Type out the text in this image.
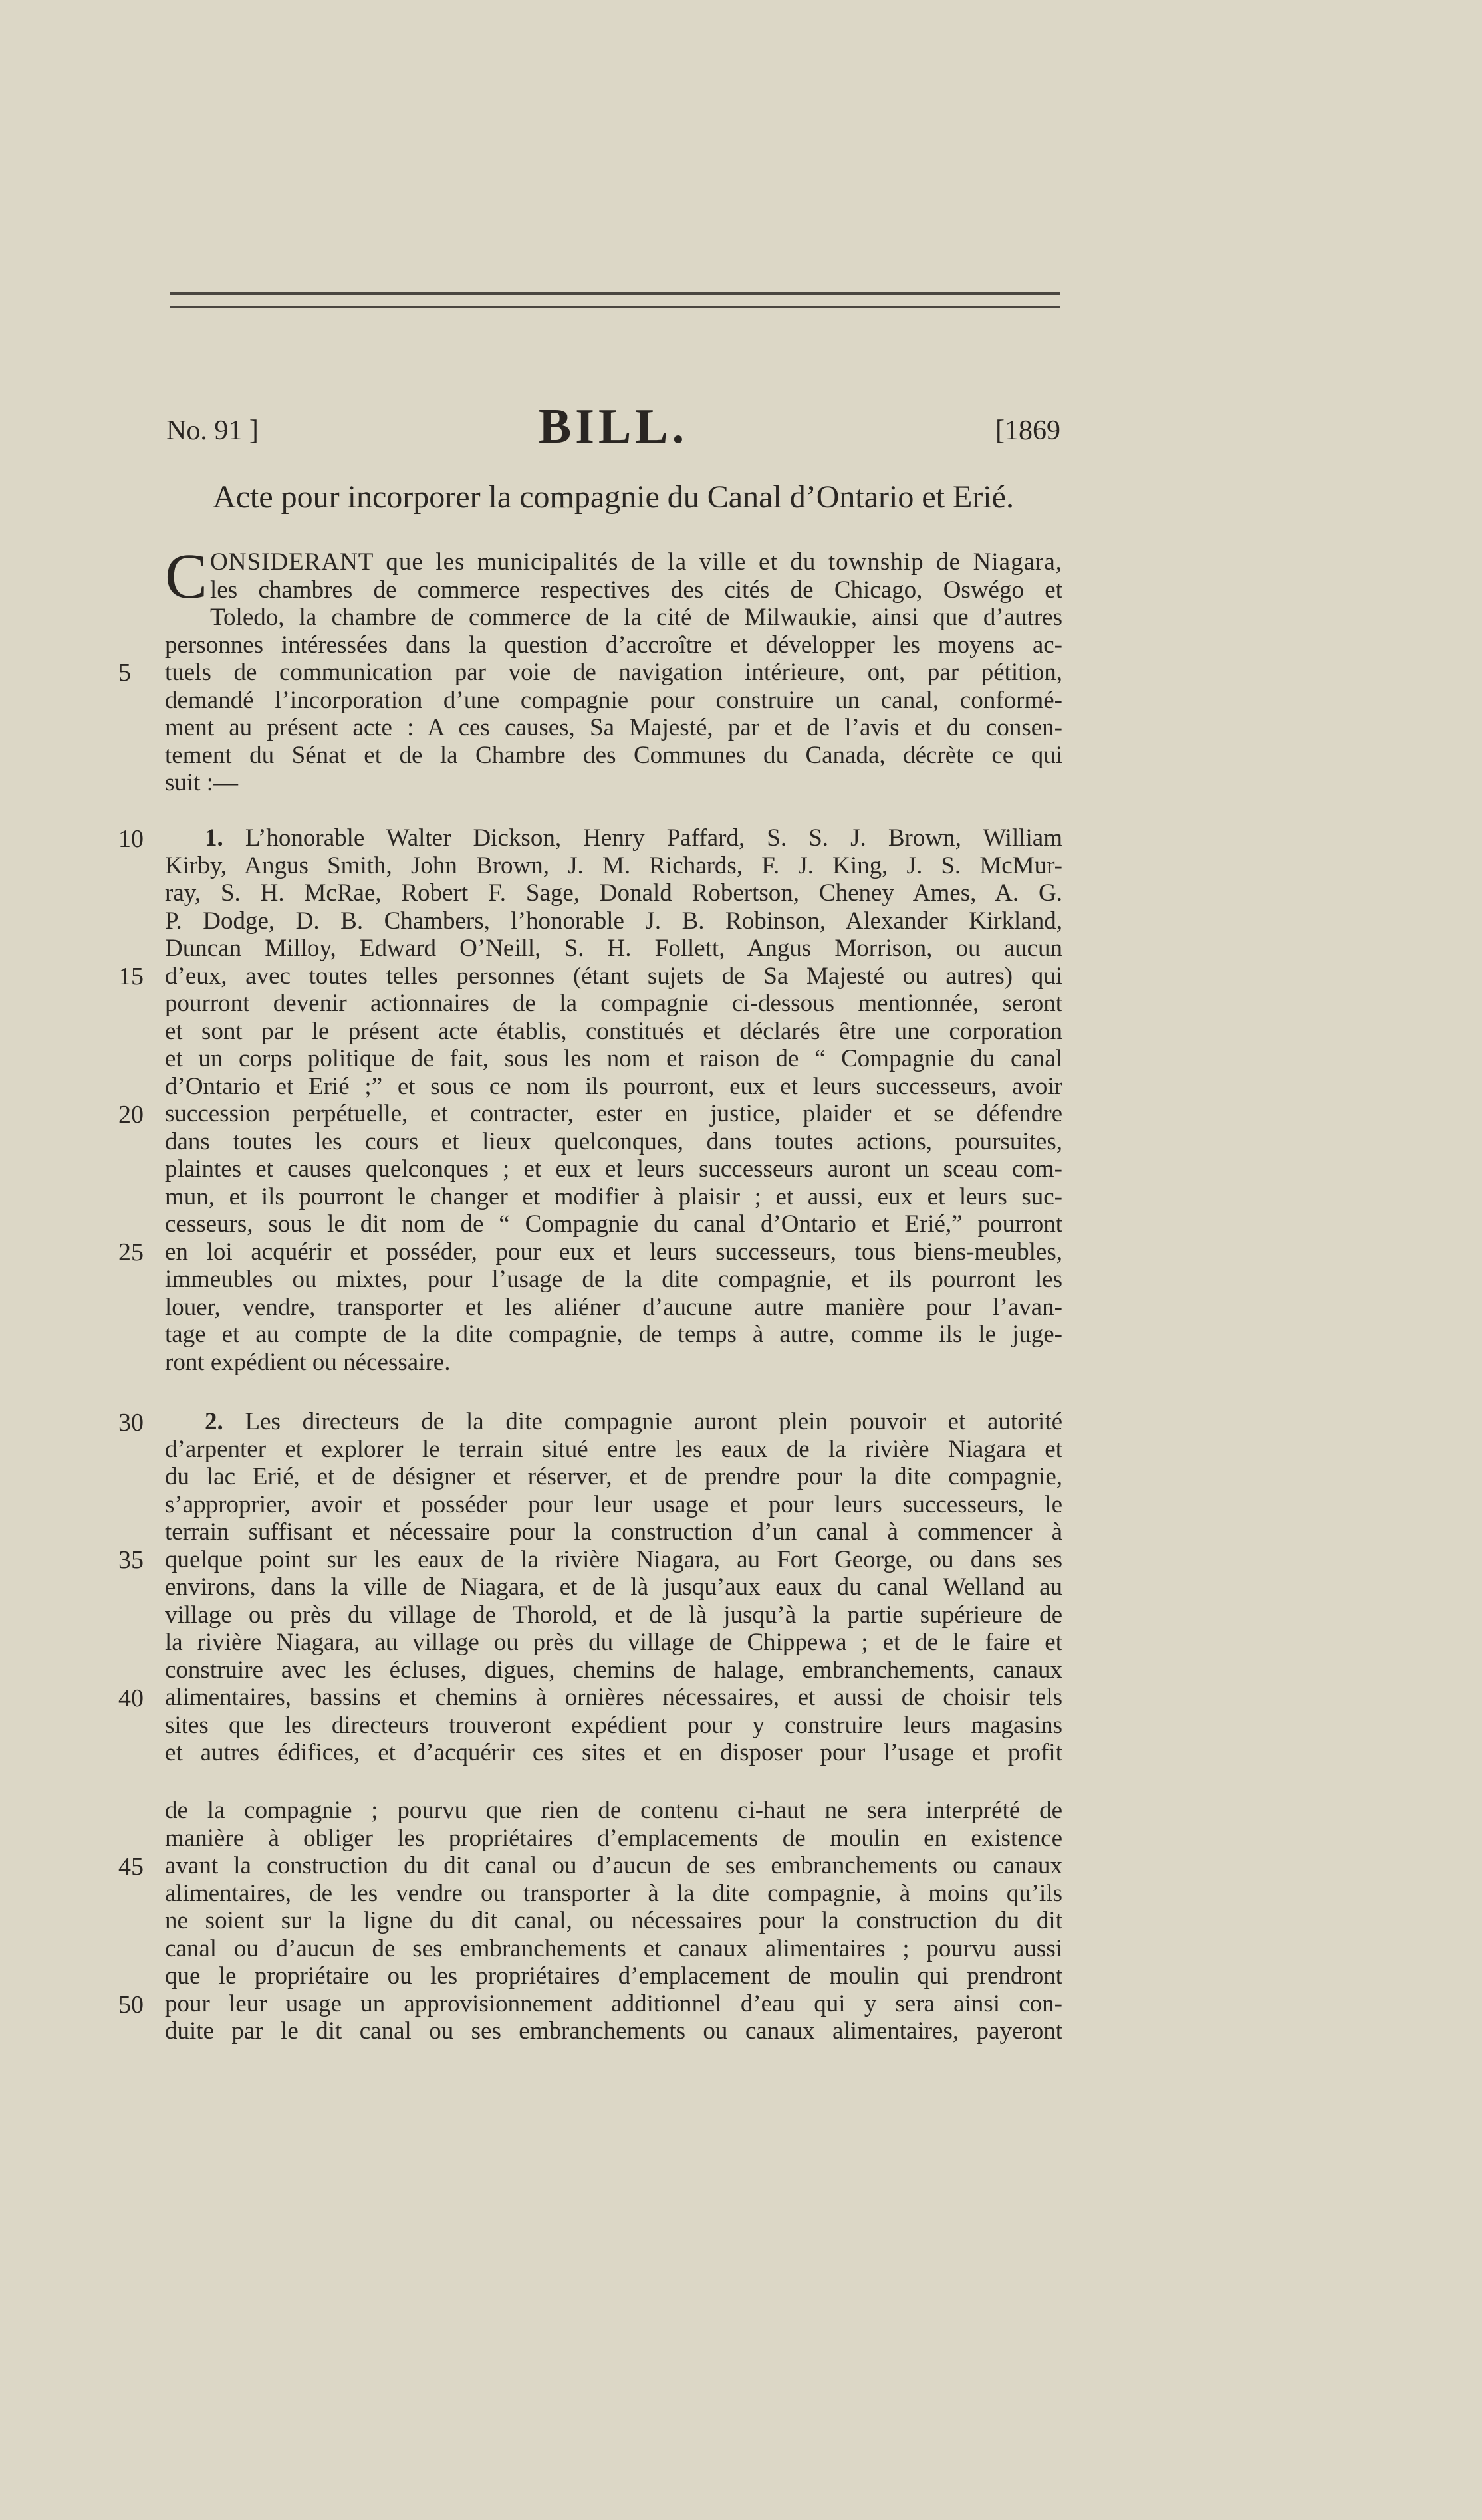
No. 91 ]	BILL.	[1869
Acte pour incorporer la compagnie du Canal d’Ontario et Erié.
C ONSIDERANT que les municipalités de la ville et du township de Niagara,
les chambres de commerce respectives des cités de Chicago, Oswégo et
Toledo, la chambre de commerce de la cité de Milwaukie, ainsi que d’autres
personnes intéressées dans la question d’accroître et développer les moyens ac-
tuels de communication par voie de navigation intérieure, ont, par pétition,
demandé l’incorporation d’une compagnie pour construire un canal, conformé-
ment au présent acte : A ces causes, Sa Majesté, par et de l’avis et du consen-
tement du Sénat et de la Chambre des Communes du Canada, décrète ce qui
suit :—
1. L’honorable Walter Dickson, Henry Paffard, S. S. J. Brown, William
Kirby, Angus Smith, John Brown, J. M. Richards, F. J. King, J. S. McMur-
ray, S. H. McRae, Robert F. Sage, Donald Robertson, Cheney Ames, A. G.
P. Dodge, D. B. Chambers, l’honorable J. B. Robinson, Alexander Kirkland,
Duncan Milloy, Edward O’Neill, S. H. Follett, Angus Morrison, ou aucun
d’eux, avec toutes telles personnes (étant sujets de Sa Majesté ou autres) qui
pourront devenir actionnaires de la compagnie ci-dessous mentionnée, seront
et sont par le présent acte établis, constitués et déclarés être une corporation
et un corps politique de fait, sous les nom et raison de “ Compagnie du canal
d’Ontario et Erié ;” et sous ce nom ils pourront, eux et leurs successeurs, avoir
succession perpétuelle, et contracter, ester en justice, plaider et se défendre
dans toutes les cours et lieux quelconques, dans toutes actions, poursuites,
plaintes et causes quelconques ; et eux et leurs successeurs auront un sceau com-
mun, et ils pourront le changer et modifier à plaisir ; et aussi, eux et leurs suc-
cesseurs, sous le dit nom de “ Compagnie du canal d’Ontario et Erié,” pourront
en loi acquérir et posséder, pour eux et leurs successeurs, tous biens-meubles,
immeubles ou mixtes, pour l’usage de la dite compagnie, et ils pourront les
louer, vendre, transporter et les aliéner d’aucune autre manière pour l’avan-
tage et au compte de la dite compagnie, de temps à autre, comme ils le juge-
ront expédient ou nécessaire.
2. Les directeurs de la dite compagnie auront plein pouvoir et autorité
d’arpenter et explorer le terrain situé entre les eaux de la rivière Niagara et
du lac Erié, et de désigner et réserver, et de prendre pour la dite compagnie,
s’approprier, avoir et posséder pour leur usage et pour leurs successeurs, le
terrain suffisant et nécessaire pour la construction d’un canal à commencer à
quelque point sur les eaux de la rivière Niagara, au Fort George, ou dans ses
environs, dans la ville de Niagara, et de là jusqu’aux eaux du canal Welland au
village ou près du village de Thorold, et de là jusqu’à la partie supérieure de
la rivière Niagara, au village ou près du village de Chippewa ; et de le faire et
construire avec les écluses, digues, chemins de halage, embranchements, canaux
alimentaires, bassins et chemins à ornières nécessaires, et aussi de choisir tels
sites que les directeurs trouveront expédient pour y construire leurs magasins
et autres édifices, et d’acquérir ces sites et en disposer pour l’usage et profit
de la compagnie ; pourvu que rien de contenu ci-haut ne sera interprété de
manière à obliger les propriétaires d’emplacements de moulin en existence
avant la construction du dit canal ou d’aucun de ses embranchements ou canaux
alimentaires, de les vendre ou transporter à la dite compagnie, à moins qu’ils
ne soient sur la ligne du dit canal, ou nécessaires pour la construction du dit
canal ou d’aucun de ses embranchements et canaux alimentaires ; pourvu aussi
que le propriétaire ou les propriétaires d’emplacement de moulin qui prendront
pour leur usage un approvisionnement additionnel d’eau qui y sera ainsi con-
duite par le dit canal ou ses embranchements ou canaux alimentaires, payeront
5
10
15
20
25
30
35
40
45
50
